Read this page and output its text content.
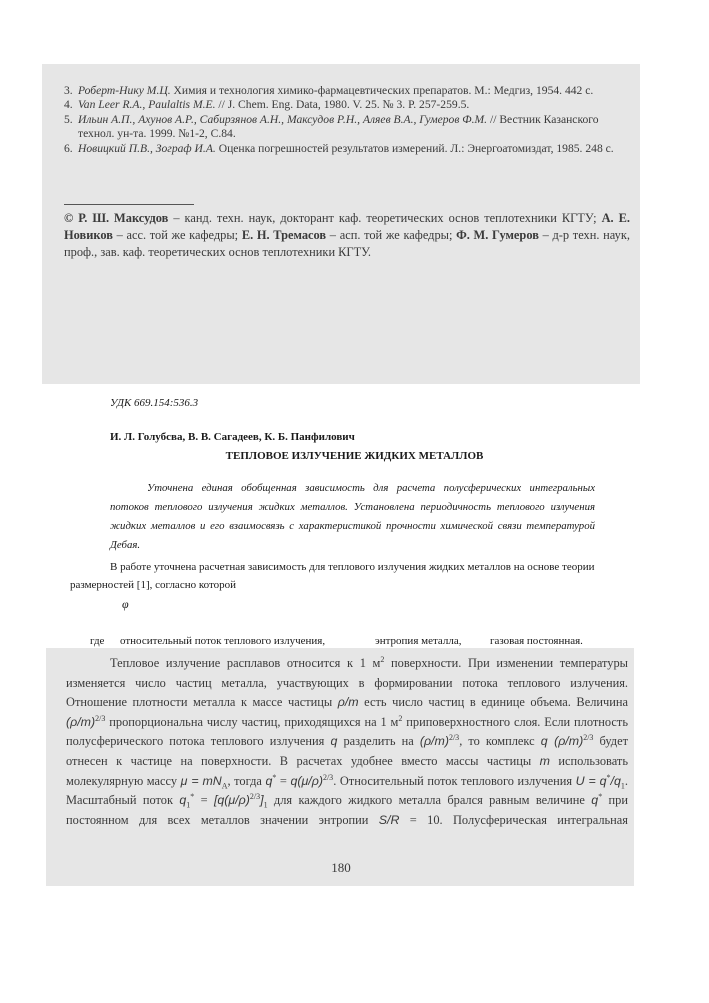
3. Роберт-Нику М.Ц. Химия и технология химико-фармацевтических препаратов. М.: Медгиз, 1954. 442 с.
4. Van Leer R.A., Paulaltis M.E. // J. Chem. Eng. Data, 1980. V. 25. № 3. P. 257-259.5.
5. Ильин А.П., Ахунов А.Р., Сабирзянов А.Н., Максудов Р.Н., Аляев В.А., Гумеров Ф.М. // Вестник Казанского технол. ун-та. 1999. №1-2, С.84.
6. Новицкий П.В., Зограф И.А. Оценка погрешностей результатов измерений. Л.: Энергоатомиздат, 1985. 248 с.
© Р. Ш. Максудов – канд. техн. наук, докторант каф. теоретических основ теплотехники КГТУ; А. Е. Новиков – асс. той же кафедры; Е. Н. Тремасов – асп. той же кафедры; Ф. М. Гумеров – д-р техн. наук, проф., зав. каф. теоретических основ теплотехники КГТУ.
УДК 669.154:536.3
И. Л. Голубсва, В. В. Сагадеев, К. Б. Панфилович
ТЕПЛОВОЕ ИЗЛУЧЕНИЕ ЖИДКИХ МЕТАЛЛОВ
Уточнена единая обобщенная зависимость для расчета полусферических интегральных потоков теплового излучения жидких металлов. Установлена периодичность теплового излучения жидких металлов и его взаимосвязь с характеристикой прочности химической связи температурой Дебая.
В работе уточнена расчетная зависимость для теплового излучения жидких металлов на основе теории размерностей [1], согласно которой
φ
где относительный поток теплового излучения,	энтропия металла,	газовая постоянная.
Тепловое излучение расплавов относится к 1 $м^2$ поверхности. При изменении температуры изменяется число частиц металла, участвующих в формировании потока теплового излучения. Отношение плотности металла к массе частицы ρ/m есть число частиц в единице объема. Величина $(\rho/m)^{2/3}$ пропорциональна числу частиц, приходящихся на 1 $м^2$ приповерхностного слоя. Если плотность полусферического потока теплового излучения q разделить на $(\rho/m)^{2/3}$, то комплекс q $(\rho/m)^{2/3}$ будет отнесен к частице на поверхности. В расчетах удобнее вместо массы частицы m использовать молекулярную массу $\mu = mN_A$, тогда $q^* = q(\mu/\rho)^{2/3}$. Относительный поток теплового излучения $U = q^*/q_1$. Масштабный поток $q_1^* = [q(\mu/\rho)^{2/3}]_1$ для каждого жидкого металла брался равным величине q* при постоянном для всех металлов значении энтропии S/R = 10. Полусферическая интегральная
180
